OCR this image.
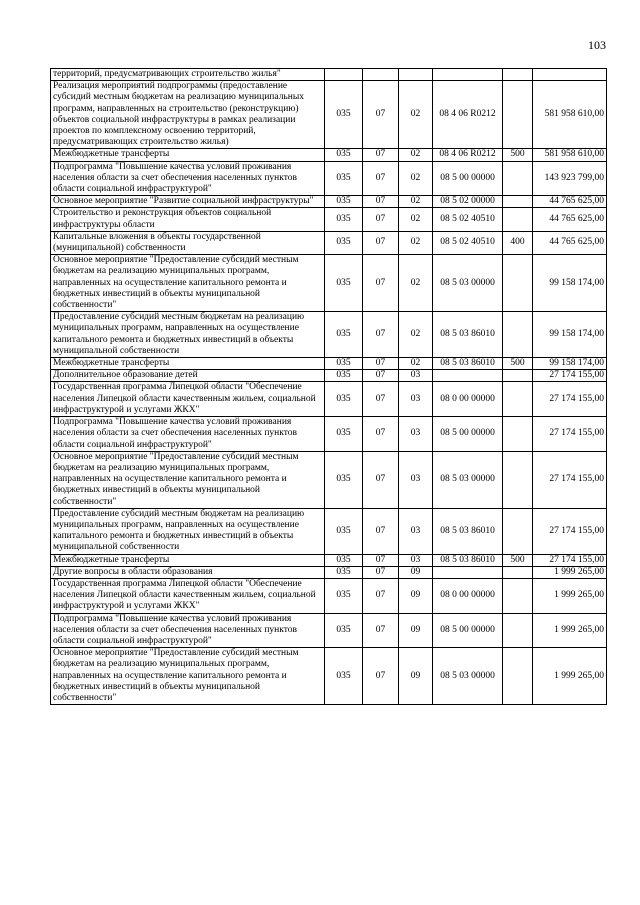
103
территорий, предусматривающих строительство жилья"						
Реализация мероприятий подпрограммы (предоставление субсидий местным бюджетам на реализацию муниципальных программ, направленных на строительство (реконструкцию) объектов социальной инфраструктуры в рамках реализации проектов по комплексному освоению территорий, предусматривающих строительство жилья)	035	07	02	08 4 06 R0212		581 958 610,00
Межбюджетные трансферты	035	07	02	08 4 06 R0212	500	581 958 610,00
Подпрограмма "Повышение качества условий проживания населения области за счет обеспечения населенных пунктов области социальной инфраструктурой"	035	07	02	08 5 00 00000		143 923 799,00
Основное мероприятие "Развитие социальной инфраструктуры"	035	07	02	08 5 02 00000		44 765 625,00
Строительство и реконструкция объектов социальной инфраструктуры области	035	07	02	08 5 02 40510		44 765 625,00
Капитальные вложения в объекты государственной (муниципальной) собственности	035	07	02	08 5 02 40510	400	44 765 625,00
Основное мероприятие "Предоставление субсидий местным бюджетам на реализацию муниципальных программ, направленных на осуществление капитального ремонта и бюджетных инвестиций в объекты муниципальной собственности"	035	07	02	08 5 03 00000		99 158 174,00
Предоставление субсидий местным бюджетам на реализацию муниципальных программ, направленных на осуществление капитального ремонта и бюджетных инвестиций в объекты муниципальной собственности	035	07	02	08 5 03 86010		99 158 174,00
Межбюджетные трансферты	035	07	02	08 5 03 86010	500	99 158 174,00
Дополнительное образование детей	035	07	03			27 174 155,00
Государственная программа Липецкой области "Обеспечение населения Липецкой области качественным жильем, социальной инфраструктурой и услугами ЖКХ"	035	07	03	08 0 00 00000		27 174 155,00
Подпрограмма "Повышение качества условий проживания населения области за счет обеспечения населенных пунктов области социальной инфраструктурой"	035	07	03	08 5 00 00000		27 174 155,00
Основное мероприятие "Предоставление субсидий местным бюджетам на реализацию муниципальных программ, направленных на осуществление капитального ремонта и бюджетных инвестиций в объекты муниципальной собственности"	035	07	03	08 5 03 00000		27 174 155,00
Предоставление субсидий местным бюджетам на реализацию муниципальных программ, направленных на осуществление капитального ремонта и бюджетных инвестиций в объекты муниципальной собственности	035	07	03	08 5 03 86010		27 174 155,00
Межбюджетные трансферты	035	07	03	08 5 03 86010	500	27 174 155,00
Другие вопросы в области образования	035	07	09			1 999 265,00
Государственная программа Липецкой области "Обеспечение населения Липецкой области качественным жильем, социальной инфраструктурой и услугами ЖКХ"	035	07	09	08 0 00 00000		1 999 265,00
Подпрограмма "Повышение качества условий проживания населения области за счет обеспечения населенных пунктов области социальной инфраструктурой"	035	07	09	08 5 00 00000		1 999 265,00
Основное мероприятие "Предоставление субсидий местным бюджетам на реализацию муниципальных программ, направленных на осуществление капитального ремонта и бюджетных инвестиций в объекты муниципальной собственности"	035	07	09	08 5 03 00000		1 999 265,00
